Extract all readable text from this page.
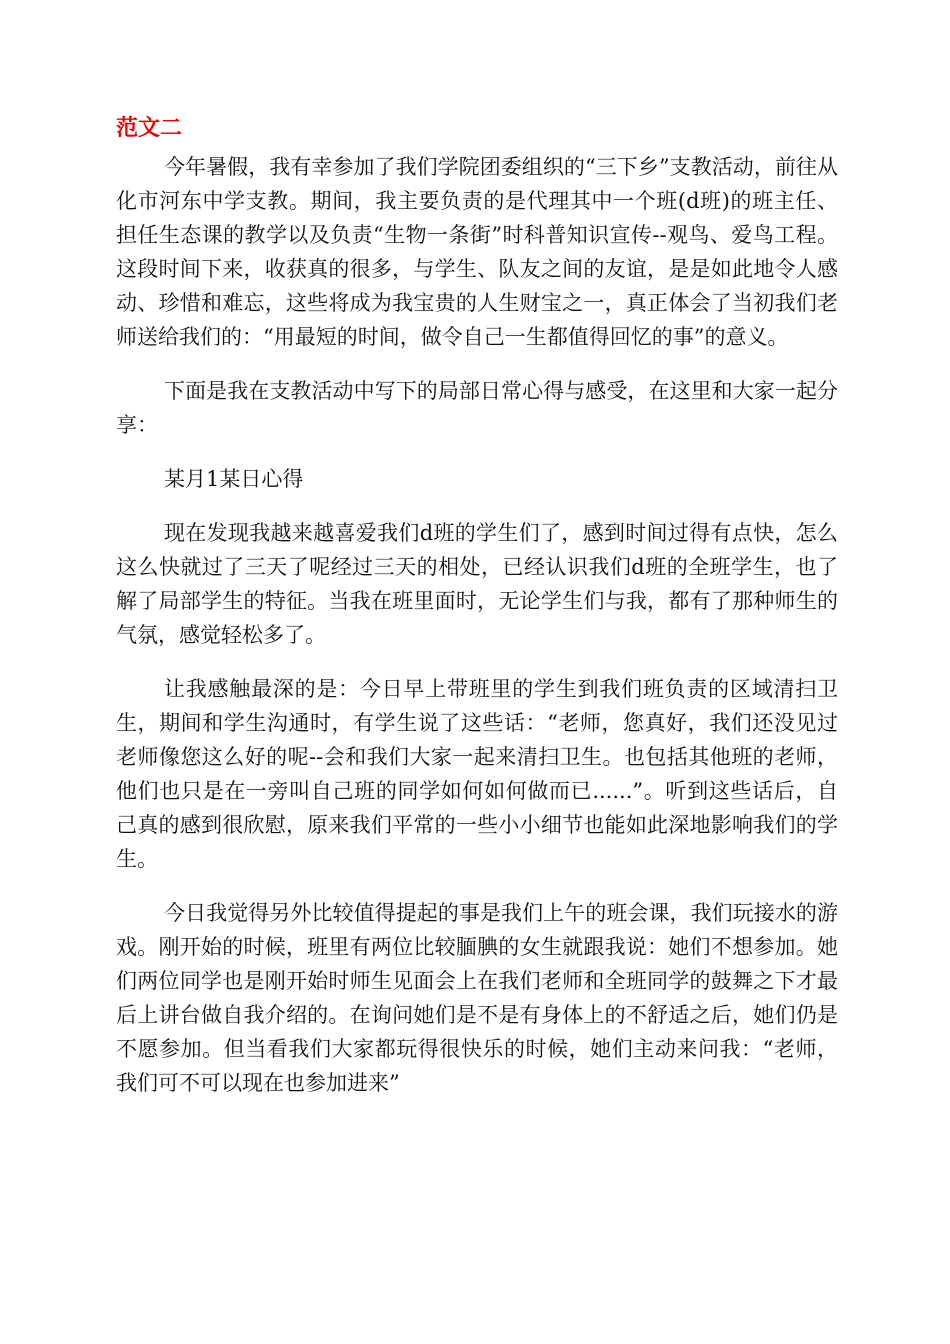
范文二

今年暑假，我有幸参加了我们学院团委组织的“三下乡”支教活动，前往从化市河东中学支教。期间，我主要负责的是代理其中一个班(d班)的班主任、担任生态课的教学以及负责“生物一条街”时科普知识宣传--观鸟、爱鸟工程。这段时间下来，收获真的很多，与学生、队友之间的友谊，是是如此地令人感动、珍惜和难忘，这些将成为我宝贵的人生财宝之一，真正体会了当初我们老师送给我们的：“用最短的时间，做令自己一生都值得回忆的事”的意义。

下面是我在支教活动中写下的局部日常心得与感受，在这里和大家一起分享：

某月1某日心得

现在发现我越来越喜爱我们d班的学生们了，感到时间过得有点快，怎么这么快就过了三天了呢经过三天的相处，已经认识我们d班的全班学生，也了解了局部学生的特征。当我在班里面时，无论学生们与我，都有了那种师生的气氛，感觉轻松多了。

让我感触最深的是：今日早上带班里的学生到我们班负责的区域清扫卫生，期间和学生沟通时，有学生说了这些话：“老师，您真好，我们还没见过老师像您这么好的呢--会和我们大家一起来清扫卫生。也包括其他班的老师，他们也只是在一旁叫自己班的同学如何如何做而已......”。听到这些话后，自己真的感到很欣慰，原来我们平常的一些小小细节也能如此深地影响我们的学生。

今日我觉得另外比较值得提起的事是我们上午的班会课，我们玩接水的游戏。刚开始的时候，班里有两位比较腼腆的女生就跟我说：她们不想参加。她们两位同学也是刚开始时师生见面会上在我们老师和全班同学的鼓舞之下才最后上讲台做自我介绍的。在询问她们是不是有身体上的不舒适之后，她们仍是不愿参加。但当看我们大家都玩得很快乐的时候，她们主动来问我：“老师，我们可不可以现在也参加进来”
